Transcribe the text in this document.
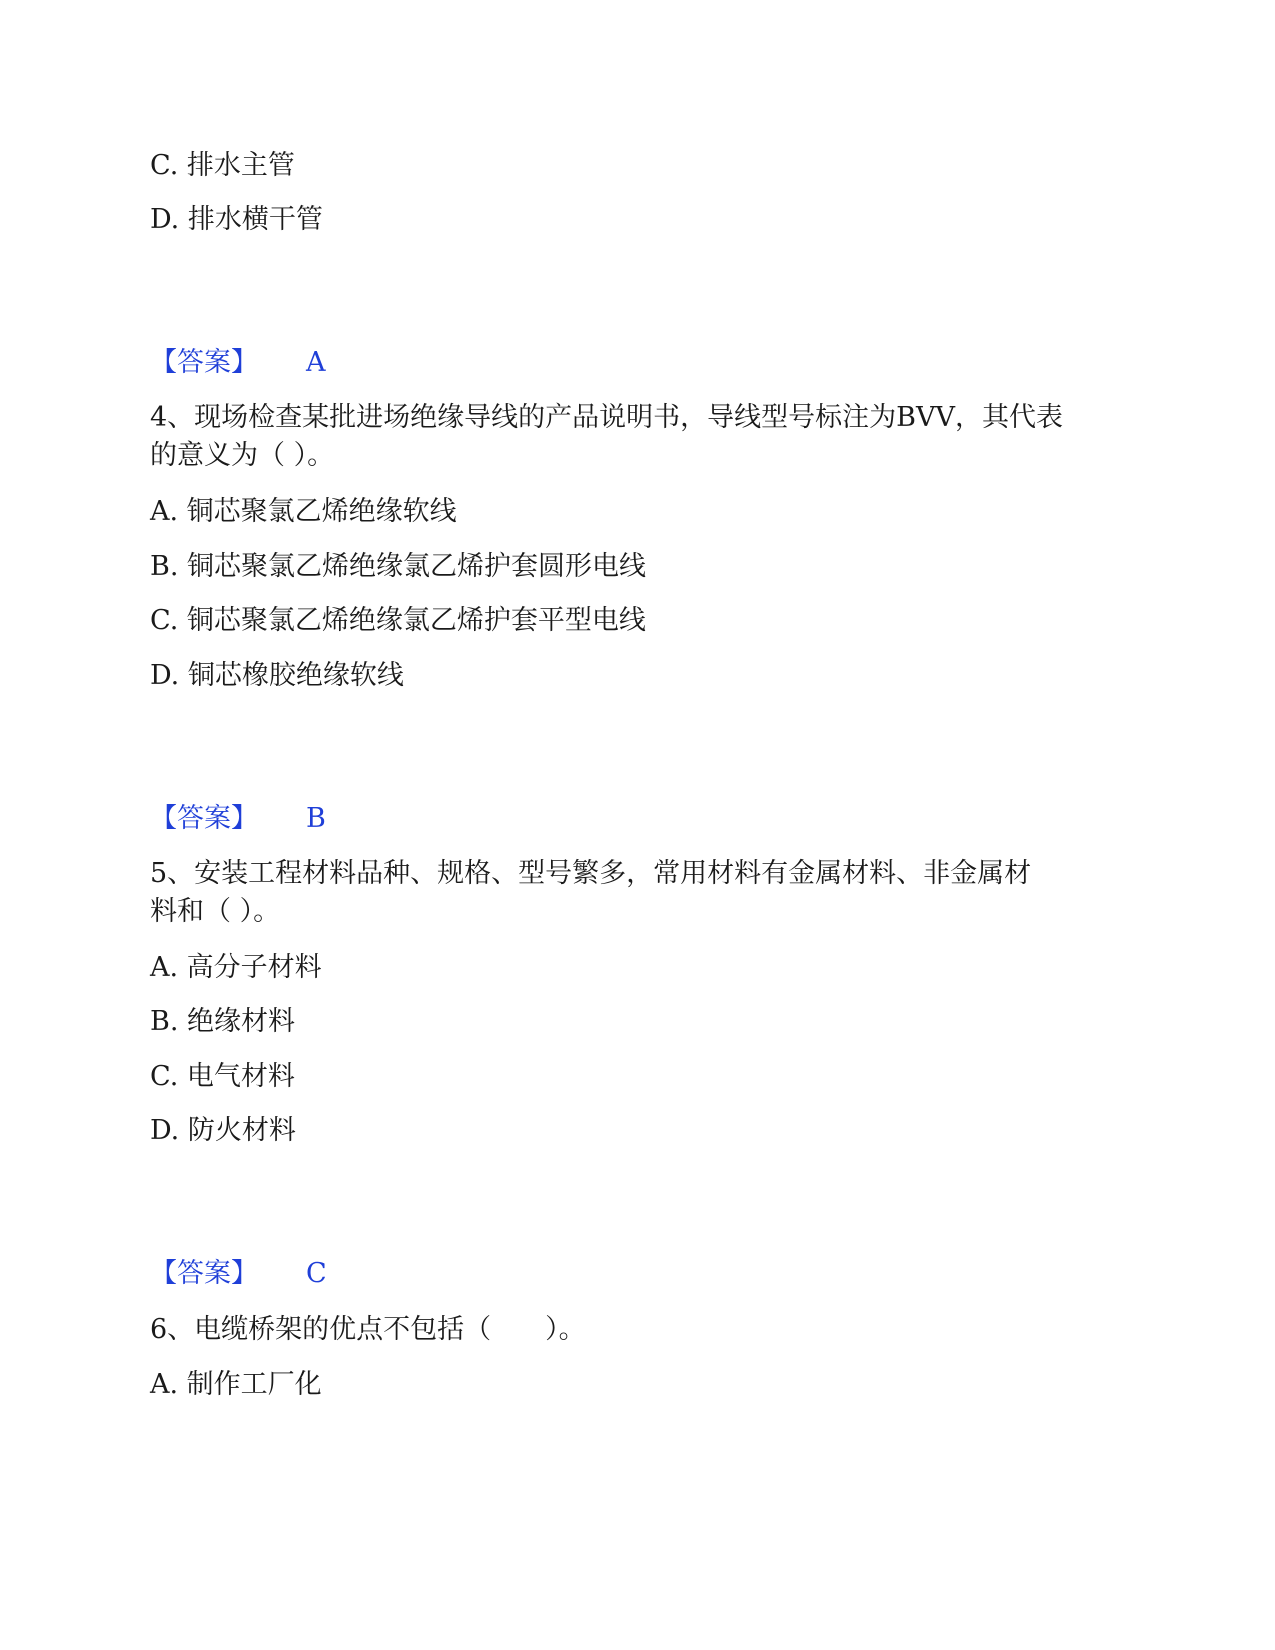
C. 排水主管
D. 排水横干管
【答案】 A
4、现场检查某批进场绝缘导线的产品说明书，导线型号标注为BVV，其代表
的意义为（ ）。
A. 铜芯聚氯乙烯绝缘软线
B. 铜芯聚氯乙烯绝缘氯乙烯护套圆形电线
C. 铜芯聚氯乙烯绝缘氯乙烯护套平型电线
D. 铜芯橡胶绝缘软线
【答案】 B
5、安装工程材料品种、规格、型号繁多，常用材料有金属材料、非金属材
料和（ ）。
A. 高分子材料
B. 绝缘材料
C. 电气材料
D. 防火材料
【答案】 C
6、电缆桥架的优点不包括（　　）。
A. 制作工厂化
